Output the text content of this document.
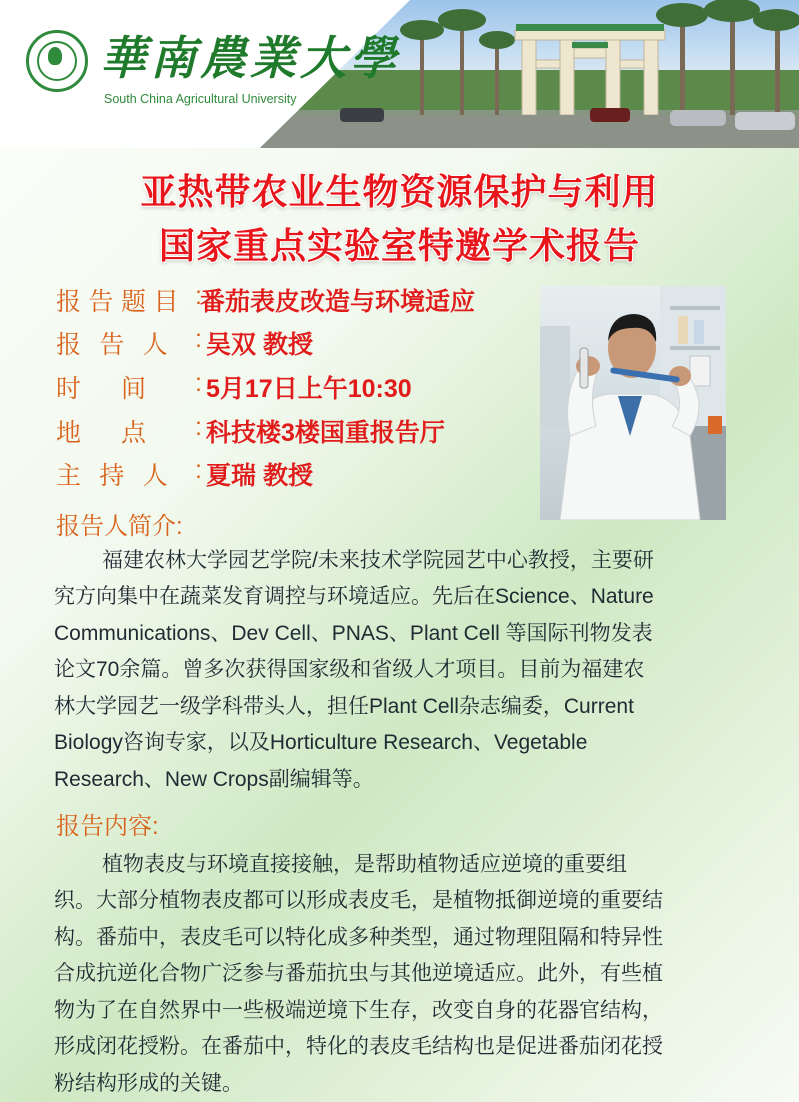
華南農業大學
South China Agricultural University
亚热带农业生物资源保护与利用
国家重点实验室特邀学术报告
报 告 题 目 :
番茄表皮改造与环境适应
报 告 人 : 吴双 教授
时 间 : 5月17日上午10:30
地 点 : 科技楼3楼国重报告厅
主 持 人 : 夏瑞 教授
报告人简介:
福建农林大学园艺学院/未来技术学院园艺中心教授，主要研
究方向集中在蔬菜发育调控与环境适应。先后在Science、Nature
Communications、Dev Cell、PNAS、Plant Cell 等国际刊物发表
论文70余篇。曾多次获得国家级和省级人才项目。目前为福建农
林大学园艺一级学科带头人，担任Plant Cell杂志编委，Current
Biology咨询专家，以及Horticulture Research、Vegetable
Research、New Crops副编辑等。
报告内容:
植物表皮与环境直接接触，是帮助植物适应逆境的重要组
织。大部分植物表皮都可以形成表皮毛，是植物抵御逆境的重要结
构。番茄中，表皮毛可以特化成多种类型，通过物理阻隔和特异性
合成抗逆化合物广泛参与番茄抗虫与其他逆境适应。此外，有些植
物为了在自然界中一些极端逆境下生存，改变自身的花器官结构，
形成闭花授粉。在番茄中，特化的表皮毛结构也是促进番茄闭花授
粉结构形成的关键。
